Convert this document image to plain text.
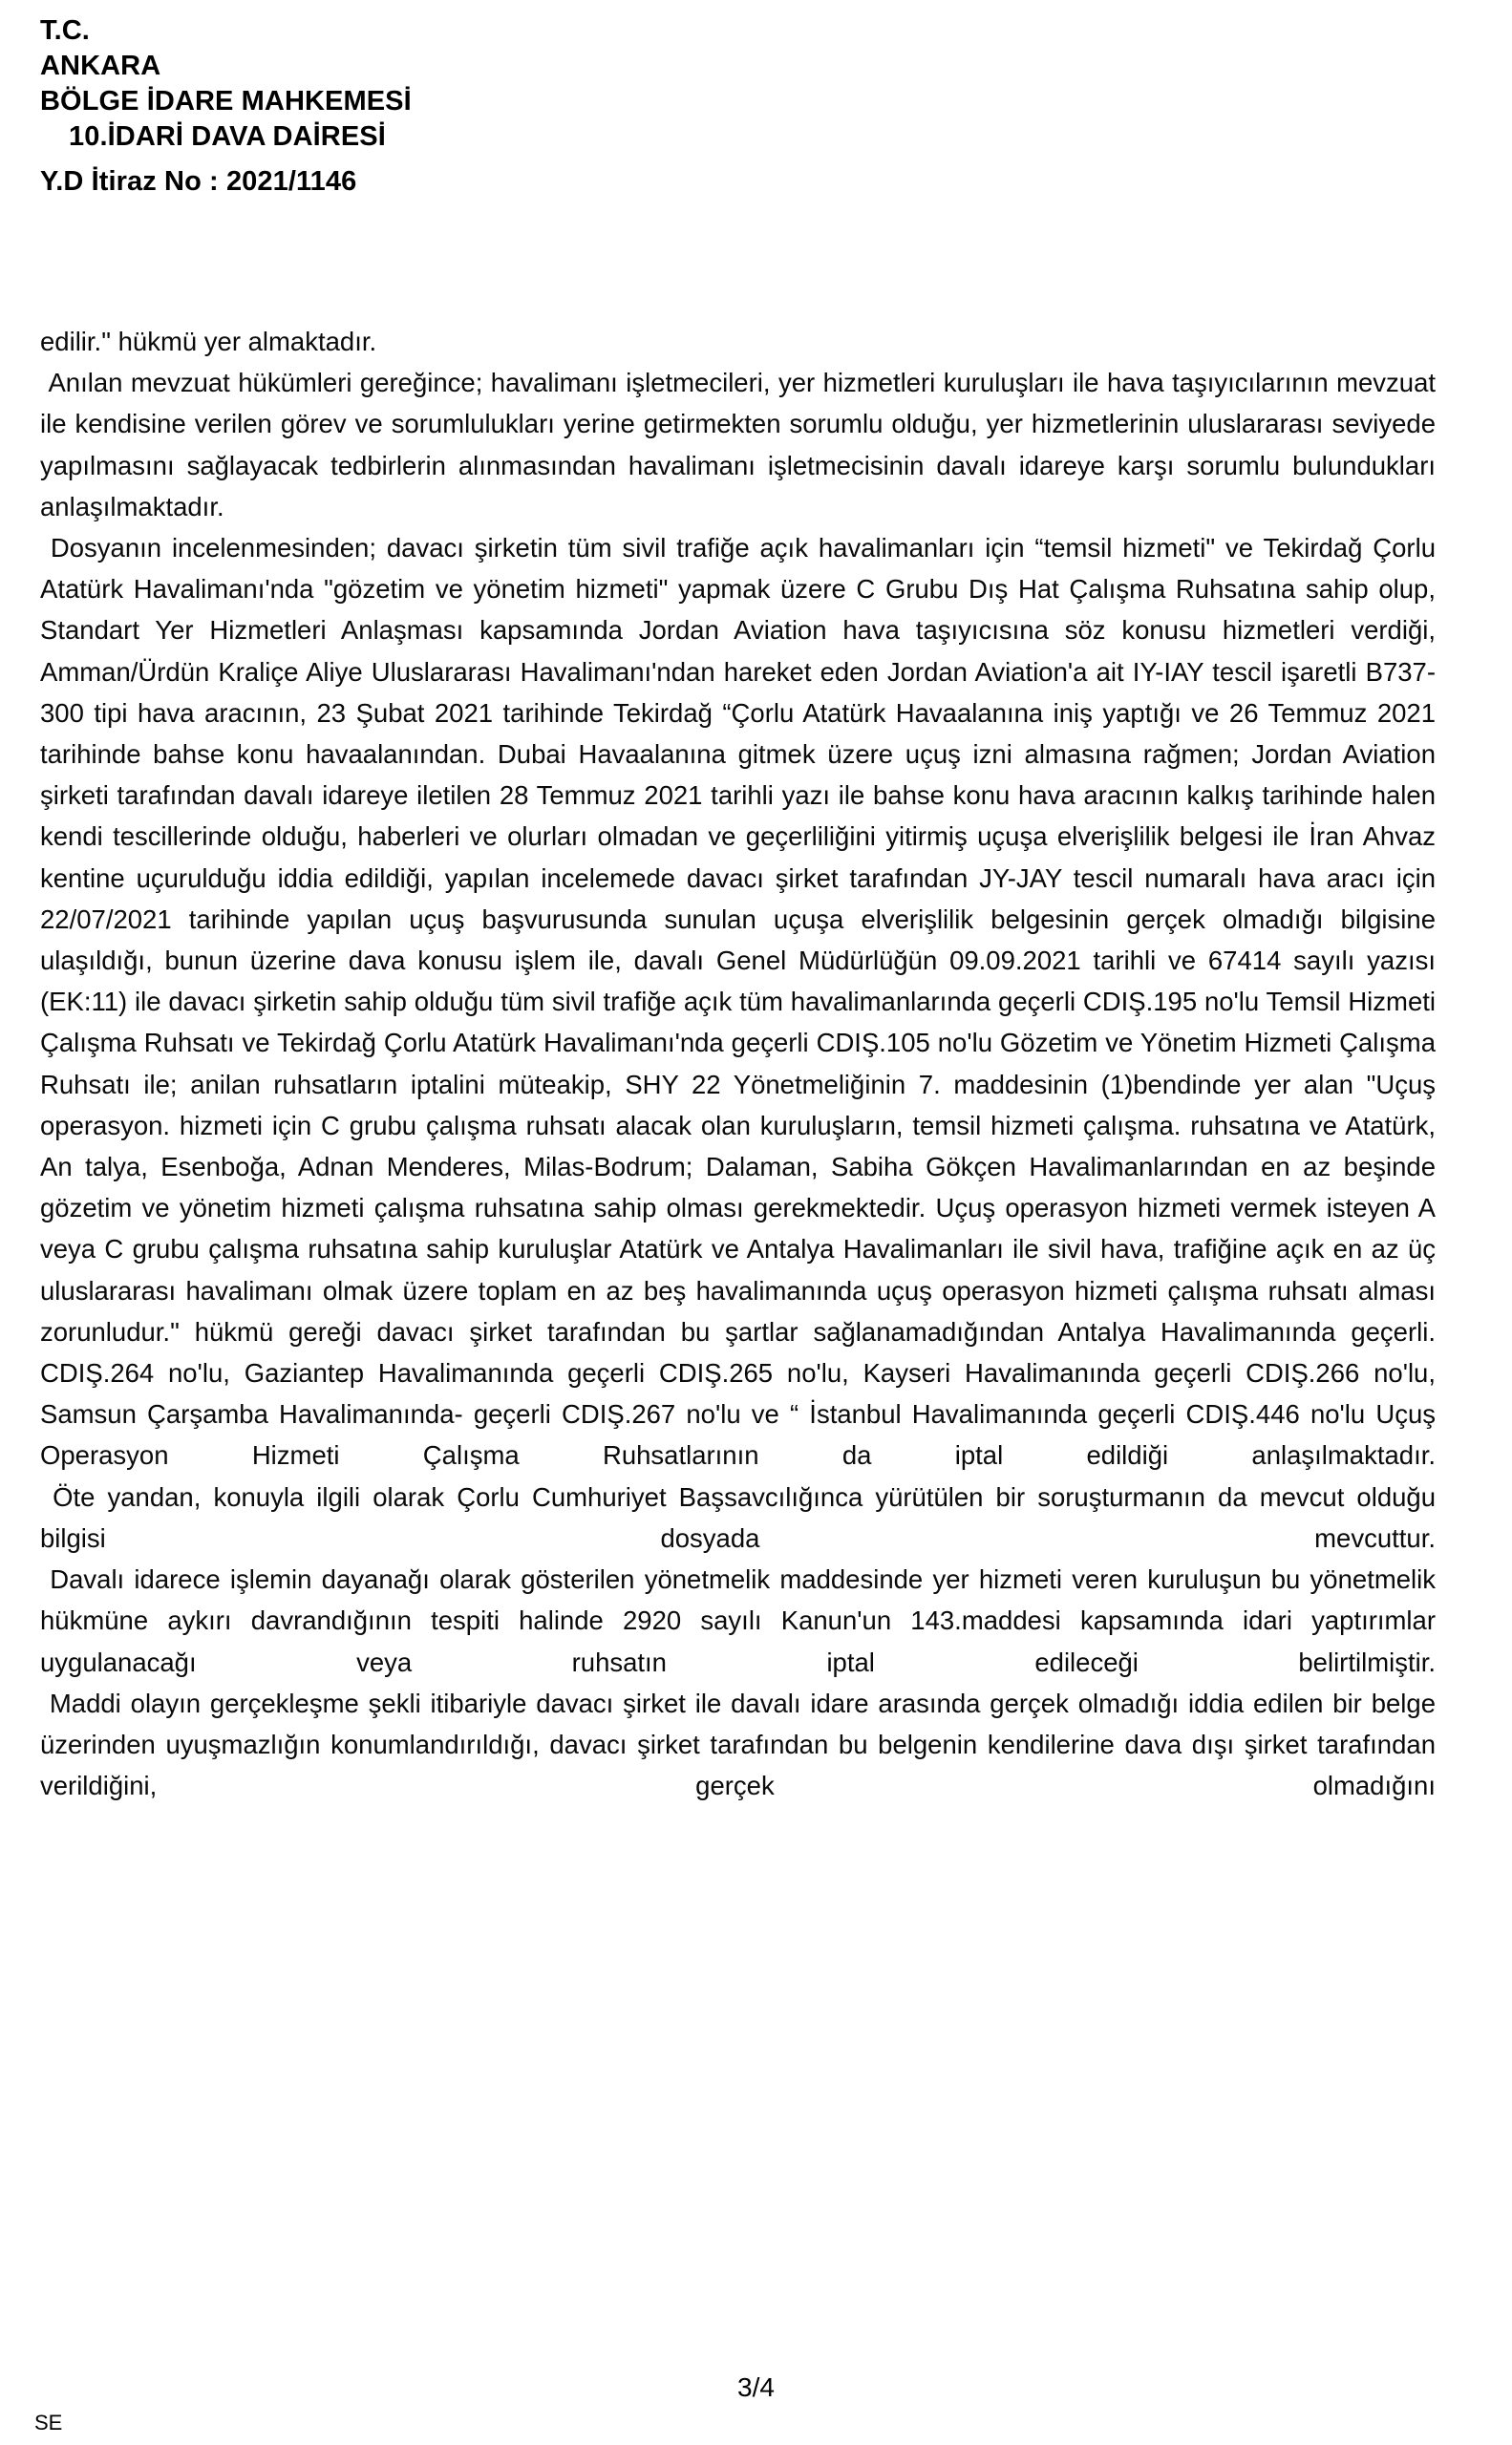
T.C.
ANKARA
BÖLGE İDARE MAHKEMESİ
10.İDARİ DAVA DAİRESİ
Y.D İtiraz No : 2021/1146

edilir." hükmü yer almaktadır.

Anılan mevzuat hükümleri gereğince; havalimanı işletmecileri, yer hizmetleri kuruluşları ile hava taşıyıcılarının mevzuat ile kendisine verilen görev ve sorumlulukları yerine getirmekten sorumlu olduğu, yer hizmetlerinin uluslararası seviyede yapılmasını sağlayacak tedbirlerin alınmasından havalimanı işletmecisinin davalı idareye karşı sorumlu bulundukları anlaşılmaktadır.

Dosyanın incelenmesinden; davacı şirketin tüm sivil trafiğe açık havalimanları için “temsil hizmeti" ve Tekirdağ Çorlu Atatürk Havalimanı'nda "gözetim ve yönetim hizmeti" yapmak üzere C Grubu Dış Hat Çalışma Ruhsatına sahip olup, Standart Yer Hizmetleri Anlaşması kapsamında Jordan Aviation hava taşıyıcısına söz konusu hizmetleri verdiği,  Amman/Ürdün Kraliçe Aliye Uluslararası Havalimanı'ndan hareket eden Jordan Aviation'a ait IY-IAY tescil işaretli B737-300 tipi hava aracının, 23 Şubat 2021 tarihinde Tekirdağ “Çorlu Atatürk Havaalanına iniş yaptığı ve 26 Temmuz 2021 tarihinde bahse konu havaalanından. Dubai Havaalanına gitmek üzere uçuş izni almasına rağmen; Jordan Aviation şirketi tarafından davalı idareye iletilen 28 Temmuz 2021 tarihli yazı ile bahse konu hava aracının kalkış tarihinde halen kendi tescillerinde olduğu, haberleri ve olurları olmadan ve geçerliliğini yitirmiş uçuşa elverişlilik belgesi ile İran Ahvaz kentine uçurulduğu iddia edildiği, yapılan incelemede davacı şirket tarafından JY-JAY tescil numaralı hava aracı için 22/07/2021 tarihinde yapılan uçuş başvurusunda sunulan uçuşa elverişlilik belgesinin gerçek olmadığı bilgisine ulaşıldığı, bunun üzerine dava konusu işlem ile, davalı Genel Müdürlüğün 09.09.2021 tarihli ve 67414 sayılı yazısı (EK:11) ile davacı şirketin sahip olduğu tüm sivil trafiğe açık tüm havalimanlarında geçerli CDIŞ.195 no'lu Temsil Hizmeti Çalışma Ruhsatı ve Tekirdağ Çorlu Atatürk Havalimanı'nda geçerli CDIŞ.105 no'lu Gözetim ve Yönetim Hizmeti Çalışma Ruhsatı ile; anilan ruhsatların iptalini müteakip, SHY 22 Yönetmeliğinin 7. maddesinin (1)bendinde yer alan "Uçuş operasyon. hizmeti için C grubu çalışma ruhsatı alacak olan kuruluşların, temsil hizmeti çalışma. ruhsatına ve Atatürk, An talya, Esenboğa, Adnan Menderes, Milas-Bodrum; Dalaman, Sabiha Gökçen Havalimanlarından en az beşinde gözetim ve yönetim hizmeti çalışma ruhsatına sahip olması gerekmektedir. Uçuş operasyon hizmeti vermek isteyen A veya C grubu çalışma ruhsatına sahip kuruluşlar Atatürk ve Antalya Havalimanları ile sivil hava, trafiğine açık en az üç uluslararası havalimanı olmak üzere toplam en az beş havalimanında uçuş operasyon hizmeti çalışma ruhsatı alması zorunludur." hükmü gereği davacı şirket tarafından bu şartlar sağlanamadığından Antalya Havalimanında geçerli. CDIŞ.264 no'lu, Gaziantep Havalimanında geçerli CDIŞ.265 no'lu, Kayseri Havalimanında geçerli CDIŞ.266 no'lu, Samsun Çarşamba Havalimanında- geçerli CDIŞ.267 no'lu ve “ İstanbul Havalimanında geçerli CDIŞ.446 no'lu Uçuş Operasyon Hizmeti Çalışma Ruhsatlarının da iptal edildiği anlaşılmaktadır.

Öte yandan, konuyla ilgili olarak Çorlu Cumhuriyet Başsavcılığınca yürütülen bir soruşturmanın da mevcut olduğu bilgisi dosyada mevcuttur.

Davalı idarece işlemin dayanağı olarak gösterilen yönetmelik maddesinde yer hizmeti veren kuruluşun bu yönetmelik hükmüne aykırı davrandığının tespiti halinde 2920 sayılı Kanun'un 143.maddesi kapsamında idari yaptırımlar uygulanacağı veya ruhsatın iptal edileceği belirtilmiştir.

Maddi olayın gerçekleşme şekli itibariyle davacı şirket ile davalı idare arasında gerçek olmadığı iddia edilen bir belge üzerinden uyuşmazlığın konumlandırıldığı, davacı şirket tarafından bu belgenin kendilerine dava dışı şirket tarafından verildiğini, gerçek olmadığını

3/4
SE
